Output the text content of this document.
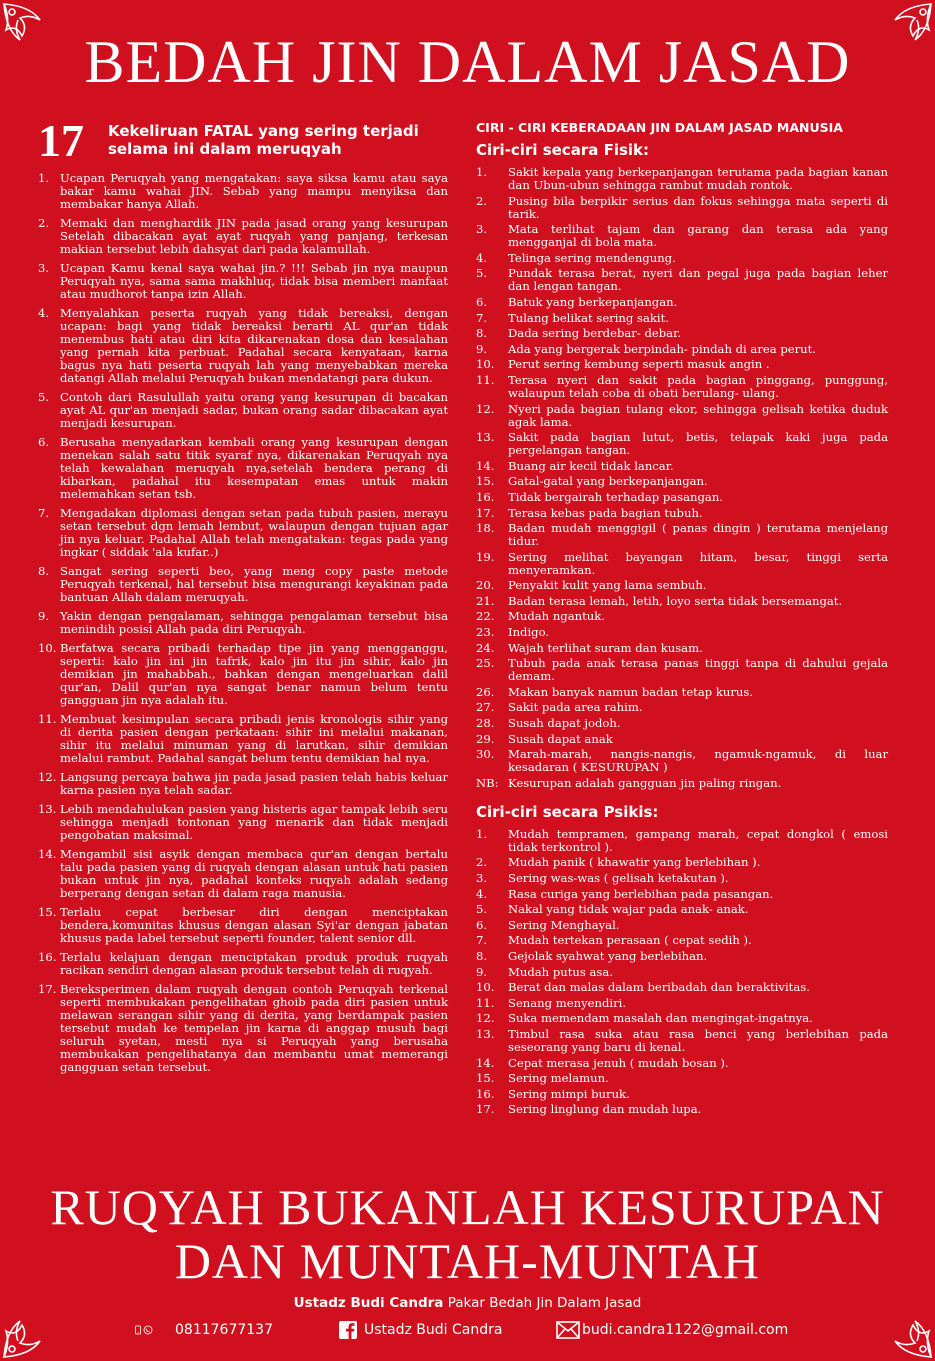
BEDAH JIN DALAM JASAD
17 Kekeliruan FATAL yang sering terjadi selama ini dalam meruqyah
1. Ucapan Peruqyah yang mengatakan: saya siksa kamu atau saya bakar kamu wahai JIN. Sebab yang mampu menyiksa dan membakar hanya Allah.
2. Memaki dan menghardik JIN pada jasad orang yang kesurupan Setelah dibacakan ayat ayat ruqyah yang panjang, terkesan makian tersebut lebih dahsyat dari pada kalamullah.
3. Ucapan Kamu kenal saya wahai jin.? !!! Sebab jin nya maupun Peruqyah nya, sama sama makhluq, tidak bisa memberi manfaat atau mudhorot tanpa izin Allah.
4. Menyalahkan peserta ruqyah yang tidak bereaksi, dengan ucapan: bagi yang tidak bereaksi berarti AL qur'an tidak menembus hati atau diri kita dikarenakan dosa dan kesalahan yang pernah kita perbuat. Padahal secara kenyataan, karna bagus nya hati peserta ruqyah lah yang menyebabkan mereka datangi Allah melalui Peruqyah bukan mendatangi para dukun.
5. Contoh dari Rasulullah yaitu orang yang kesurupan di bacakan ayat AL qur'an menjadi sadar, bukan orang sadar dibacakan ayat menjadi kesurupan.
6. Berusaha menyadarkan kembali orang yang kesurupan dengan menekan salah satu titik syaraf nya, dikarenakan Peruqyah nya telah kewalahan meruqyah nya,setelah bendera perang di kibarkan, padahal itu kesempatan emas untuk makin melemahkan setan tsb.
7. Mengadakan diplomasi dengan setan pada tubuh pasien, merayu setan tersebut dgn lemah lembut, walaupun dengan tujuan agar jin nya keluar. Padahal Allah telah mengatakan: tegas pada yang ingkar ( siddak 'ala kufar..)
8. Sangat sering seperti beo, yang meng copy paste metode Peruqyah terkenal, hal tersebut bisa mengurangi keyakinan pada bantuan Allah dalam meruqyah.
9. Yakin dengan pengalaman, sehingga pengalaman tersebut bisa menindih posisi Allah pada diri Peruqyah.
10. Berfatwa secara pribadi terhadap tipe jin yang mengganggu, seperti: kalo jin ini jin tafrik, kalo jin itu jin sihir, kalo jin demikian jin mahabbah., bahkan dengan mengeluarkan dalil qur'an, Dalil qur'an nya sangat benar namun belum tentu gangguan jin nya adalah itu.
11. Membuat kesimpulan secara pribadi jenis kronologis sihir yang di derita pasien dengan perkataan: sihir ini melalui makanan, sihir itu melalui minuman yang di larutkan, sihir demikian melalui rambut. Padahal sangat belum tentu demikian hal nya.
12. Langsung percaya bahwa jin pada jasad pasien telah habis keluar karna pasien nya telah sadar.
13. Lebih mendahulukan pasien yang histeris agar tampak lebih seru sehingga menjadi tontonan yang menarik dan tidak menjadi pengobatan maksimal.
14. Mengambil sisi asyik dengan membaca qur'an dengan bertalu talu pada pasien yang di ruqyah dengan alasan untuk hati pasien bukan untuk jin nya, padahal konteks ruqyah adalah sedang berperang dengan setan di dalam raga manusia.
15. Terlalu cepat berbesar diri dengan menciptakan bendera,komunitas khusus dengan alasan Syi'ar dengan jabatan khusus pada label tersebut seperti founder, talent senior dll.
16. Terlalu kelajuan dengan menciptakan produk produk ruqyah racikan sendiri dengan alasan produk tersebut telah di ruqyah.
17. Bereksperimen dalam ruqyah dengan contoh Peruqyah terkenal seperti membukakan pengelihatan ghoib pada diri pasien untuk melawan serangan sihir yang di derita, yang berdampak pasien tersebut mudah ke tempelan jin karna di anggap musuh bagi seluruh syetan, mesti nya si Peruqyah yang berusaha membukakan pengelihatanya dan membantu umat memerangi gangguan setan tersebut.
CIRI - CIRI KEBERADAAN JIN DALAM JASAD MANUSIA
Ciri-ciri secara Fisik:
1.	Sakit kepala yang berkepanjangan terutama pada bagian kanan dan Ubun-ubun sehingga rambut mudah rontok.
2.	Pusing bila berpikir serius dan fokus sehingga mata seperti di tarik.
3.	Mata terlihat tajam dan garang dan terasa ada yang mengganjal di bola mata.
4.	Telinga sering mendengung.
5.	Pundak terasa berat, nyeri dan pegal juga pada bagian leher dan lengan tangan.
6.	Batuk yang berkepanjangan.
7.	Tulang belikat sering sakit.
8.	Dada sering berdebar- debar.
9.	Ada yang bergerak berpindah- pindah di area perut.
10.	Perut sering kembung seperti masuk angin .
11.	Terasa nyeri dan sakit pada bagian pinggang, punggung, walaupun telah coba di obati berulang- ulang.
12.	Nyeri pada bagian tulang ekor, sehingga gelisah ketika duduk agak lama.
13.	Sakit pada bagian lutut, betis, telapak kaki juga pada pergelangan tangan.
14.	Buang air kecil tidak lancar.
15.	Gatal-gatal yang berkepanjangan.
16.	Tidak bergairah terhadap pasangan.
17.	Terasa kebas pada bagian tubuh.
18.	Badan mudah menggigil ( panas dingin ) terutama menjelang tidur.
19.	Sering melihat bayangan hitam, besar, tinggi serta menyeramkan.
20.	Penyakit kulit yang lama sembuh.
21.	Badan terasa lemah, letih, loyo serta tidak bersemangat.
22.	Mudah ngantuk.
23.	Indigo.
24.	Wajah terlihat suram dan kusam.
25.	Tubuh pada anak terasa panas tinggi tanpa di dahului gejala demam.
26.	Makan banyak namun badan tetap kurus.
27.	Sakit pada area rahim.
28.	Susah dapat jodoh.
29.	Susah dapat anak
30.	Marah-marah, nangis-nangis, ngamuk-ngamuk, di luar kesadaran ( KESURUPAN )
NB: Kesurupan adalah gangguan jin paling ringan.
Ciri-ciri secara Psikis:
1.	Mudah tempramen, gampang marah, cepat dongkol ( emosi tidak terkontrol ).
2.	Mudah panik ( khawatir yang berlebihan ).
3.	Sering was-was ( gelisah ketakutan ).
4.	Rasa curiga yang berlebihan pada pasangan.
5.	Nakal yang tidak wajar pada anak- anak.
6.	Sering Menghayal.
7.	Mudah tertekan perasaan ( cepat sedih ).
8.	Gejolak syahwat yang berlebihan.
9.	Mudah putus asa.
10.	Berat dan malas dalam beribadah dan beraktivitas.
11.	Senang menyendiri.
12.	Suka memendam masalah dan mengingat-ingatnya.
13.	Timbul rasa suka atau rasa benci yang berlebihan pada seseorang yang baru di kenal.
14.	Cepat merasa jenuh ( mudah bosan ).
15.	Sering melamun.
16.	Sering mimpi buruk.
17.	Sering linglung dan mudah lupa.
RUQYAH BUKANLAH KESURUPAN
DAN MUNTAH-MUNTAH
Ustadz Budi Candra Pakar Bedah Jin Dalam Jasad
08117677137	Ustadz Budi Candra	budi.candra1122@gmail.com
